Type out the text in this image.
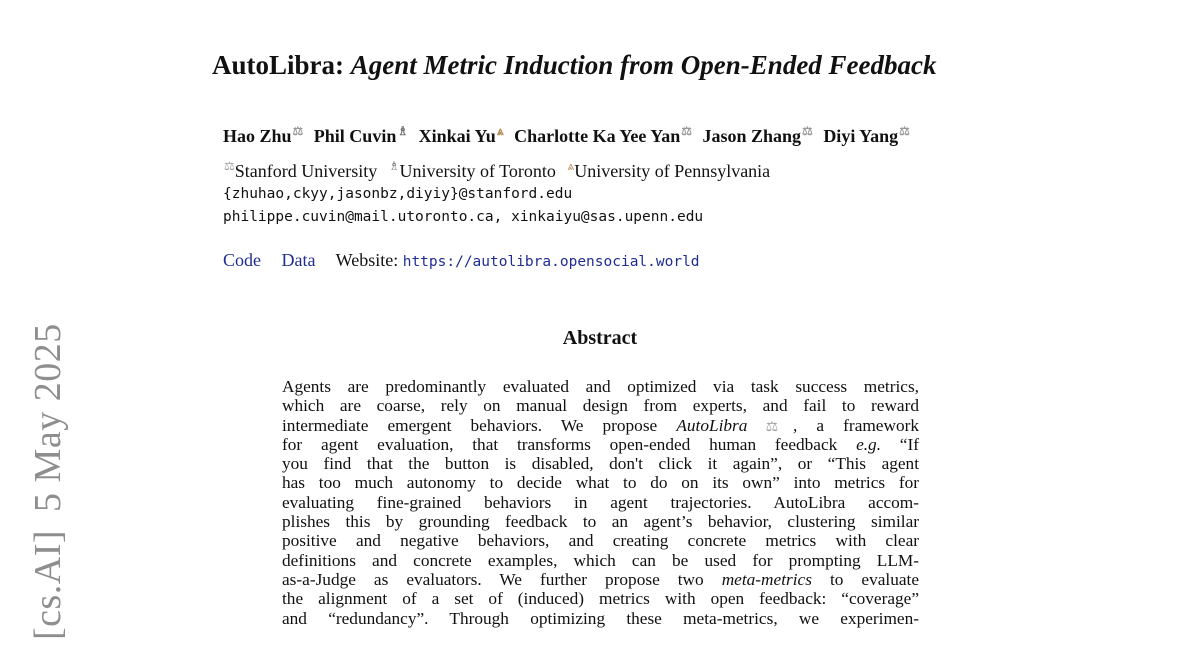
[cs.AI]5 May 2025
AutoLibra: Agent Metric Induction from Open-Ended Feedback
Hao Zhu⚖ Phil Cuvin♗ Xinkai Yu⩓ Charlotte Ka Yee Yan⚖ Jason Zhang⚖ Diyi Yang⚖
⚖Stanford University ♗University of Toronto ⩓University of Pennsylvania
{zhuhao,ckyy,jasonbz,diyiy}@stanford.edu
philippe.cuvin@mail.utoronto.ca, xinkaiyu@sas.upenn.edu
Code Data Website: https://autolibra.opensocial.world
Abstract
Agents are predominantly evaluated and optimized via task success metrics,
which are coarse, rely on manual design from experts, and fail to reward
intermediate emergent behaviors. We propose AutoLibra ⚖, a framework
for agent evaluation, that transforms open-ended human feedback e.g. “If
you find that the button is disabled, don't click it again”, or “This agent
has too much autonomy to decide what to do on its own” into metrics for
evaluating fine-grained behaviors in agent trajectories. AutoLibra accom-
plishes this by grounding feedback to an agent’s behavior, clustering similar
positive and negative behaviors, and creating concrete metrics with clear
definitions and concrete examples, which can be used for prompting LLM-
as-a-Judge as evaluators. We further propose two meta-metrics to evaluate
the alignment of a set of (induced) metrics with open feedback: “coverage”
and “redundancy”. Through optimizing these meta-metrics, we experimen-
